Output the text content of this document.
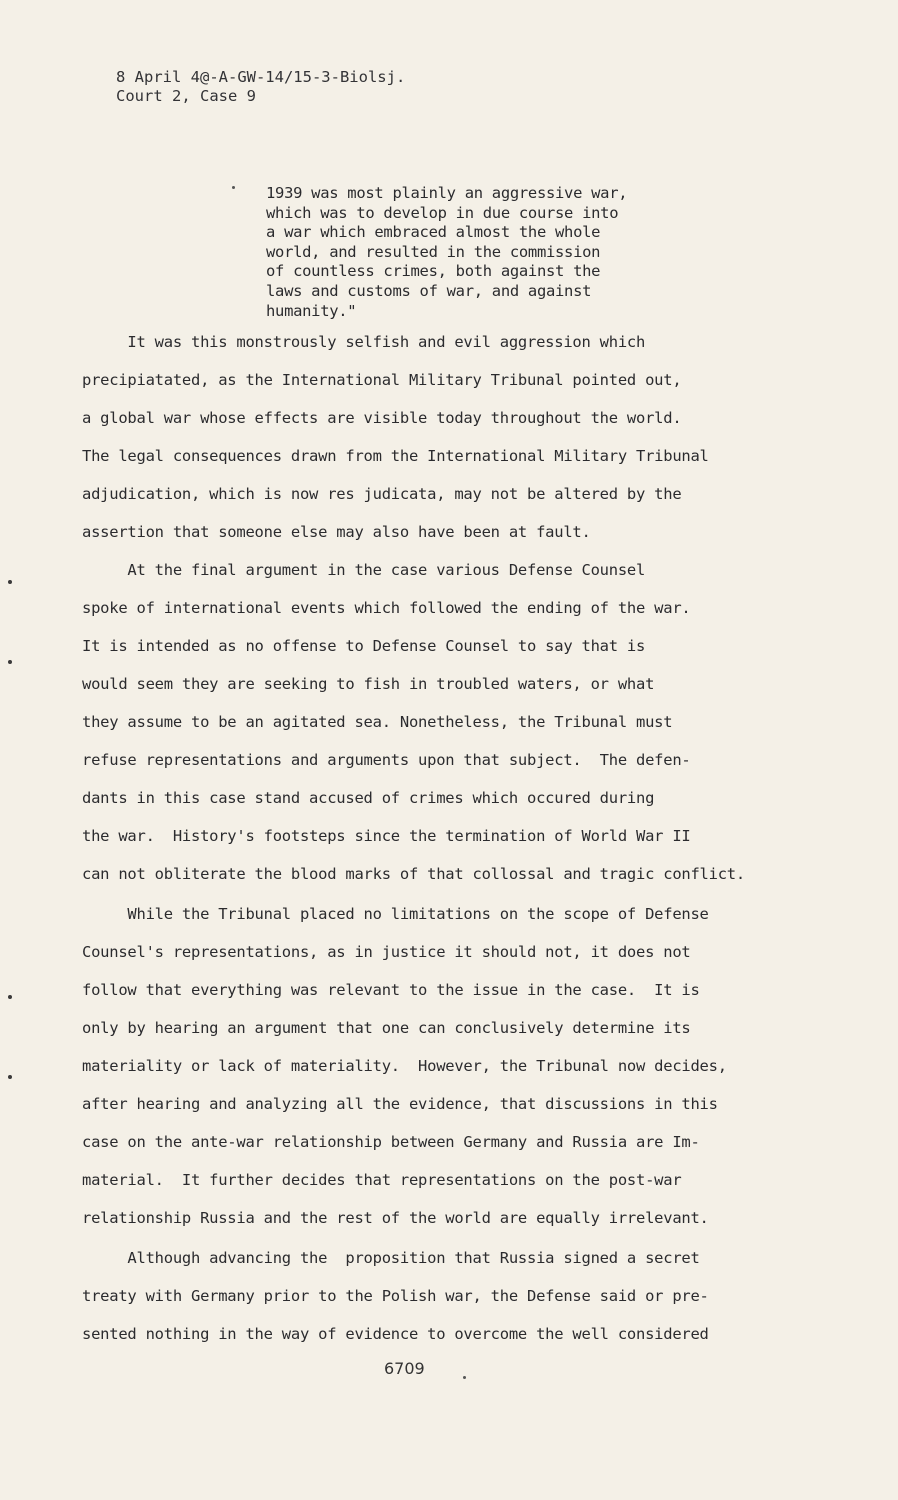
8 April 4@-A-GW-14/15-3-Biolsj.
Court 2, Case 9
1939 was most plainly an aggressive war,
which was to develop in due course into
a war which embraced almost the whole
world, and resulted in the commission
of countless crimes, both against the
laws and customs of war, and against
humanity."
It was this monstrously selfish and evil aggression which
precipiatated, as the International Military Tribunal pointed out,
a global war whose effects are visible today throughout the world.
The legal consequences drawn from the International Military Tribunal
adjudication, which is now res judicata, may not be altered by the
assertion that someone else may also have been at fault.
At the final argument in the case various Defense Counsel
spoke of international events which followed the ending of the war.
It is intended as no offense to Defense Counsel to say that is
would seem they are seeking to fish in troubled waters, or what
they assume to be an agitated sea. Nonetheless, the Tribunal must
refuse representations and arguments upon that subject.  The defen-
dants in this case stand accused of crimes which occured during
the war.  History's footsteps since the termination of World War II
can not obliterate the blood marks of that collossal and tragic conflict.
While the Tribunal placed no limitations on the scope of Defense
Counsel's representations, as in justice it should not, it does not
follow that everything was relevant to the issue in the case.  It is
only by hearing an argument that one can conclusively determine its
materiality or lack of materiality.  However, the Tribunal now decides,
after hearing and analyzing all the evidence, that discussions in this
case on the ante-war relationship between Germany and Russia are Im-
material.  It further decides that representations on the post-war
relationship Russia and the rest of the world are equally irrelevant.
Although advancing the  proposition that Russia signed a secret
treaty with Germany prior to the Polish war, the Defense said or pre-
sented nothing in the way of evidence to overcome the well considered
6709
